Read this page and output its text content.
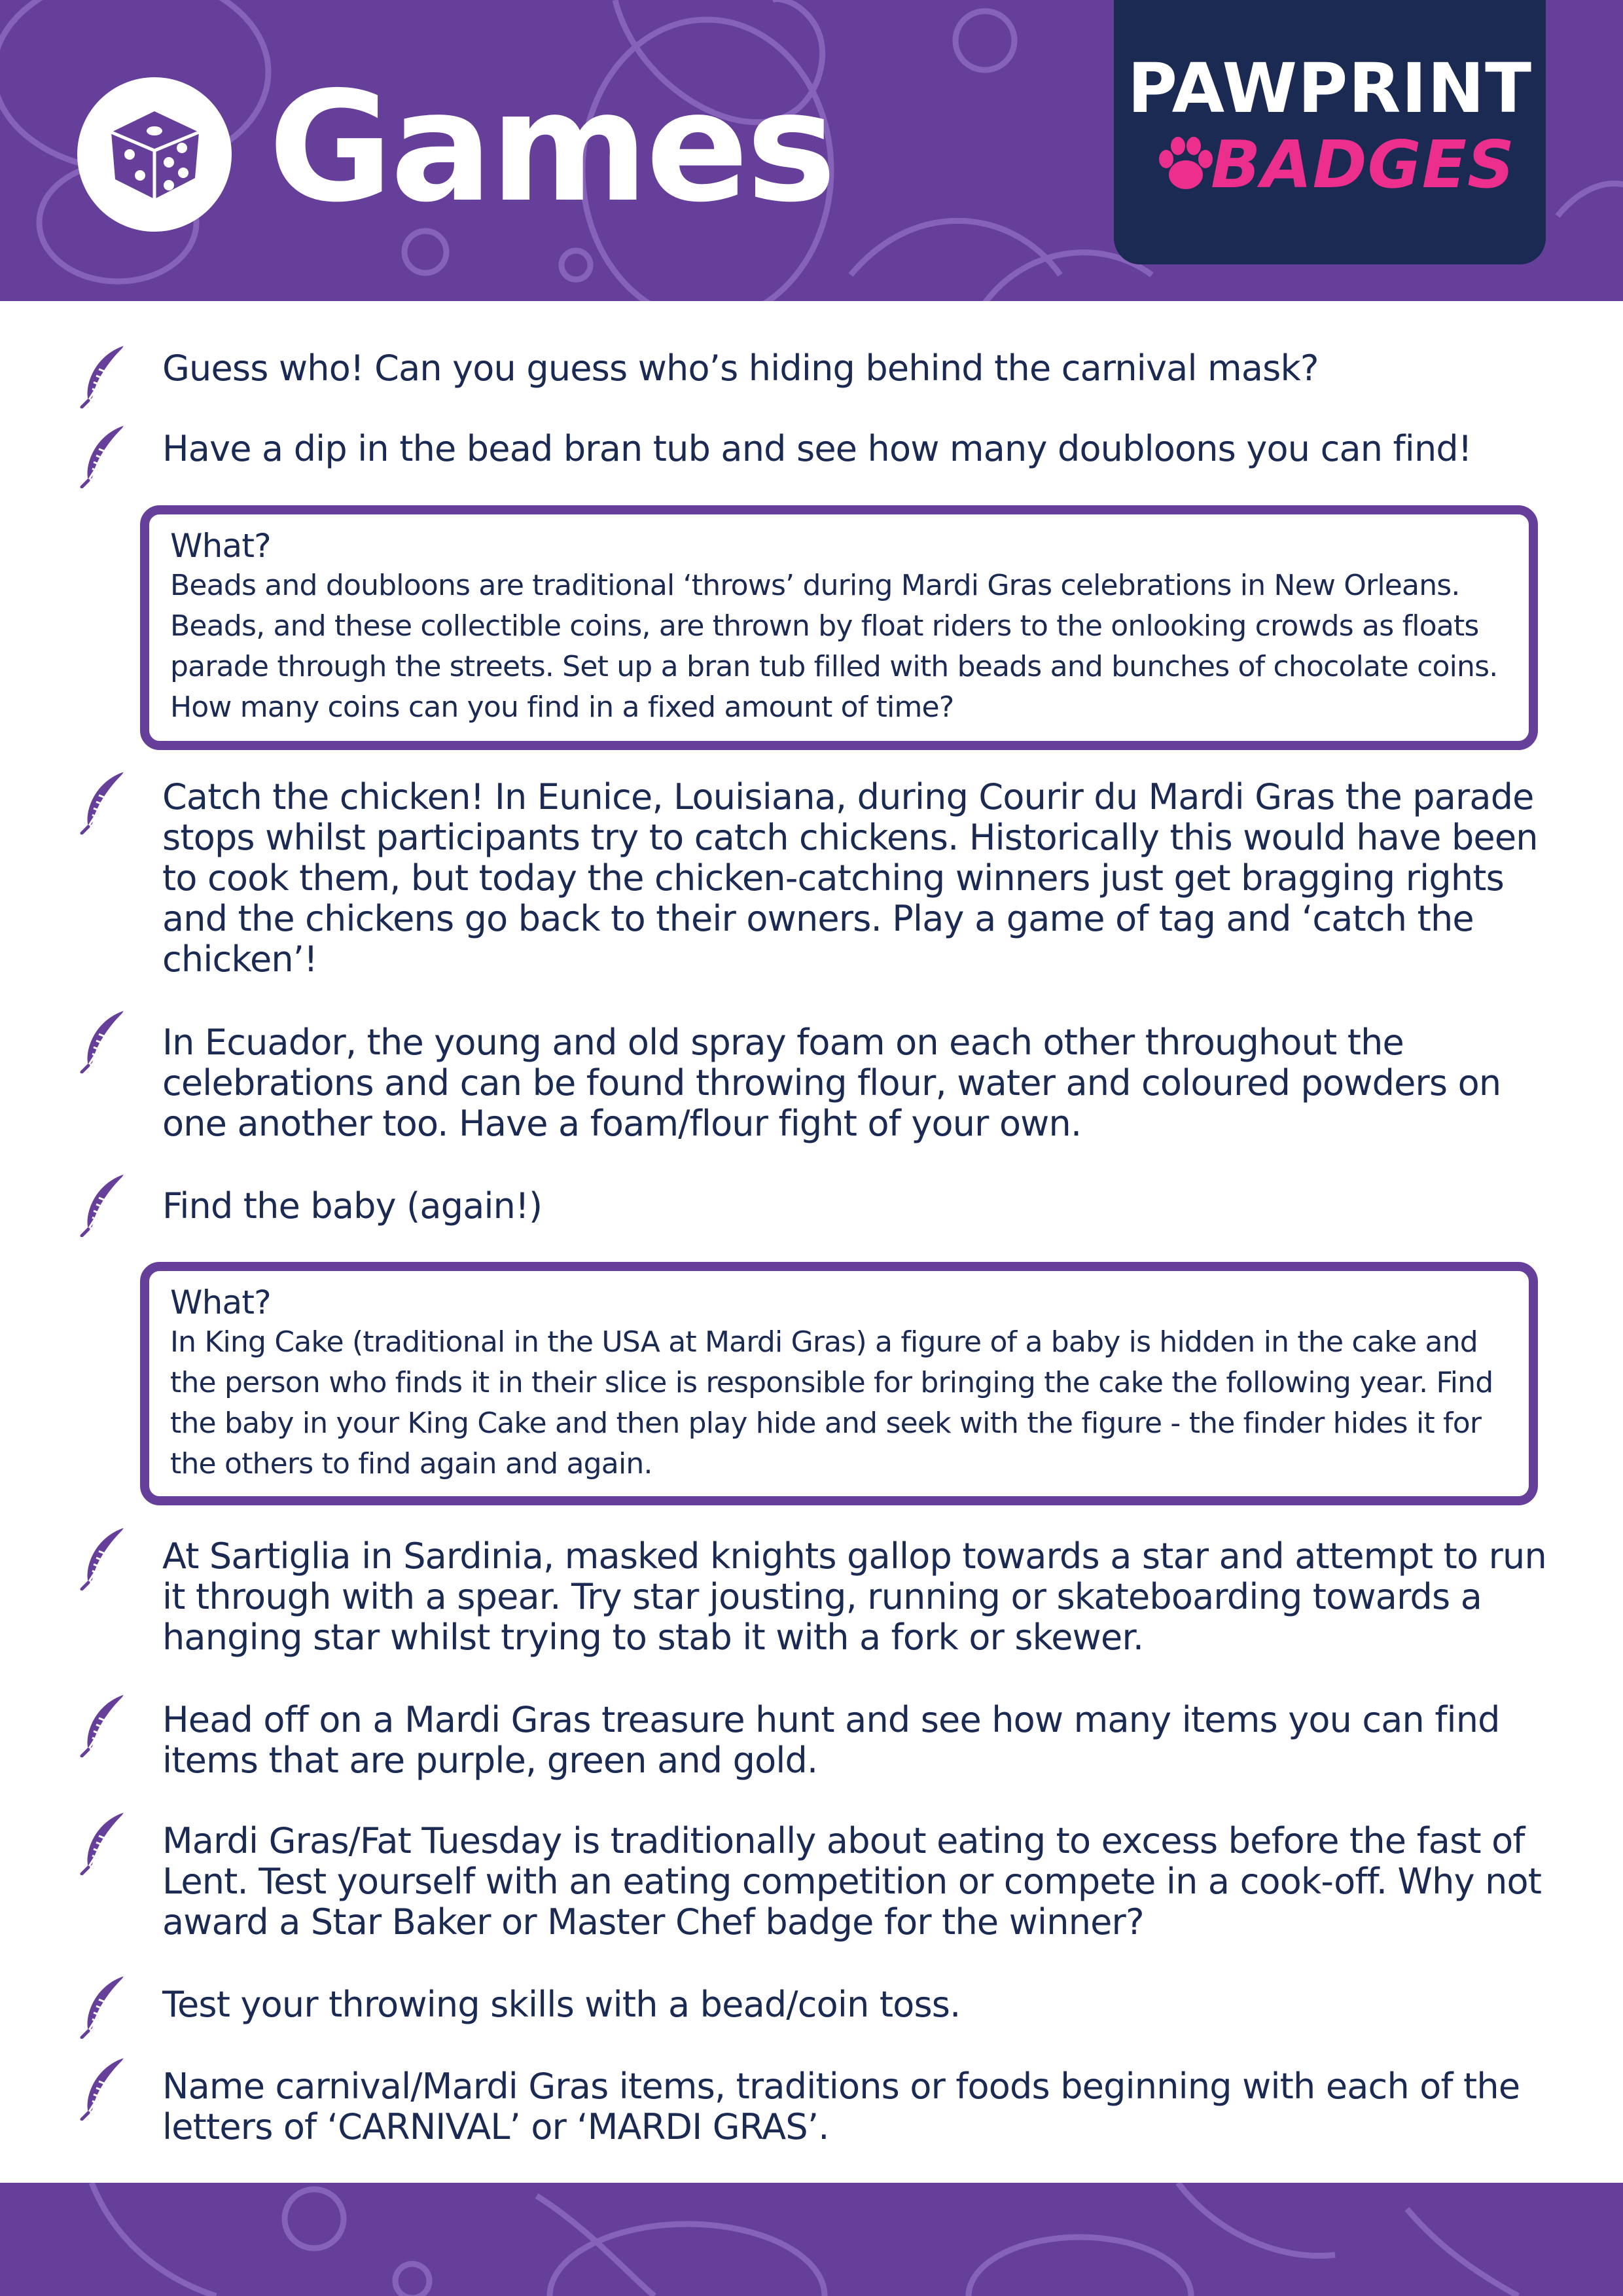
Games	PAWPRINT
BADGES

Guess who! Can you guess who’s hiding behind the carnival mask?

Have a dip in the bead bran tub and see how many doubloons you can find!

What?
Beads and doubloons are traditional ‘throws’ during Mardi Gras celebrations in New Orleans. Beads, and these collectible coins, are thrown by float riders to the onlooking crowds as floats parade through the streets. Set up a bran tub filled with beads and bunches of chocolate coins. How many coins can you find in a fixed amount of time?

Catch the chicken! In Eunice, Louisiana, during Courir du Mardi Gras the parade stops whilst participants try to catch chickens. Historically this would have been to cook them, but today the chicken-catching winners just get bragging rights and the chickens go back to their owners. Play a game of tag and ‘catch the chicken’!

In Ecuador, the young and old spray foam on each other throughout the celebrations and can be found throwing flour, water and coloured powders on one another too. Have a foam/flour fight of your own.

Find the baby (again!)

What?
In King Cake (traditional in the USA at Mardi Gras) a figure of a baby is hidden in the cake and the person who finds it in their slice is responsible for bringing the cake the following year. Find the baby in your King Cake and then play hide and seek with the figure - the finder hides it for the others to find again and again.

At Sartiglia in Sardinia, masked knights gallop towards a star and attempt to run it through with a spear. Try star jousting, running or skateboarding towards a hanging star whilst trying to stab it with a fork or skewer.

Head off on a Mardi Gras treasure hunt and see how many items you can find items that are purple, green and gold.

Mardi Gras/Fat Tuesday is traditionally about eating to excess before the fast of Lent. Test yourself with an eating competition or compete in a cook-off. Why not award a Star Baker or Master Chef badge for the winner?

Test your throwing skills with a bead/coin toss.

Name carnival/Mardi Gras items, traditions or foods beginning with each of the letters of ‘CARNIVAL’ or ‘MARDI GRAS’.
